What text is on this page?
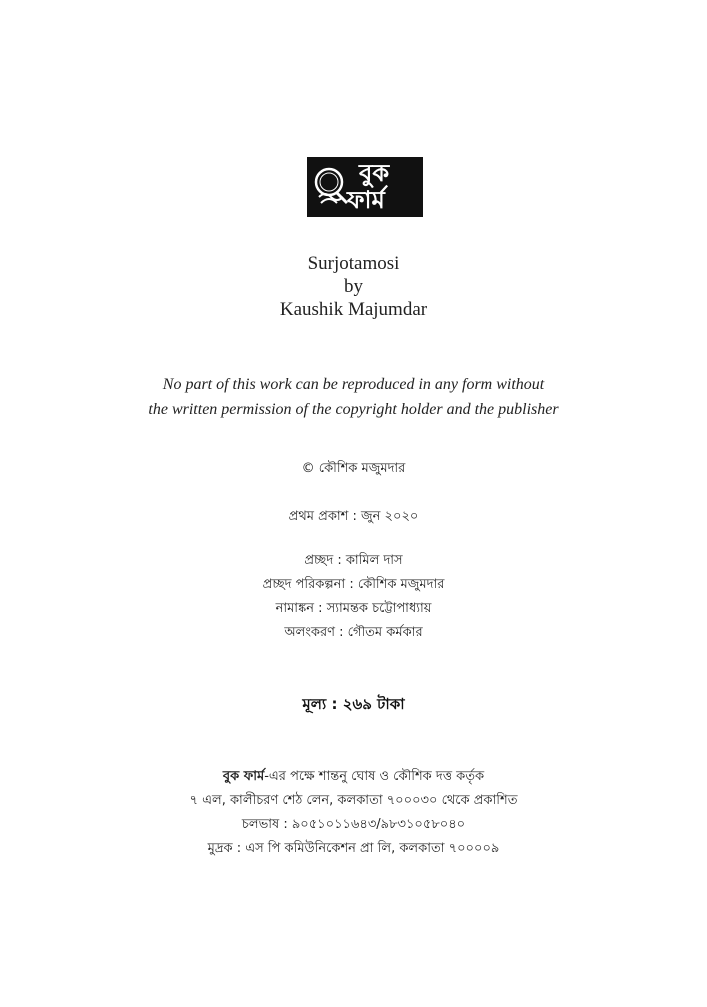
বুক
ফার্ম
Surjotamosi
by
Kaushik Majumdar
No part of this work can be reproduced in any form without
the written permission of the copyright holder and the publisher
© কৌশিক মজুমদার
প্রথম প্রকাশ : জুন ২০২০
প্রচ্ছদ : কামিল দাস
প্রচ্ছদ পরিকল্পনা : কৌশিক মজুমদার
নামাঙ্কন : স্যামন্তক চট্টোপাধ্যায়
অলংকরণ : গৌতম কর্মকার
মূল্য : ২৬৯ টাকা
বুক ফার্ম-এর পক্ষে শান্তনু ঘোষ ও কৌশিক দত্ত কর্তৃক
৭ এল, কালীচরণ শেঠ লেন, কলকাতা ৭০০০৩০ থেকে প্রকাশিত
চলভাষ : ৯০৫১০১১৬৪৩/৯৮৩১০৫৮০৪০
মুদ্রক : এস পি কমিউনিকেশন প্রা লি, কলকাতা ৭০০০০৯
